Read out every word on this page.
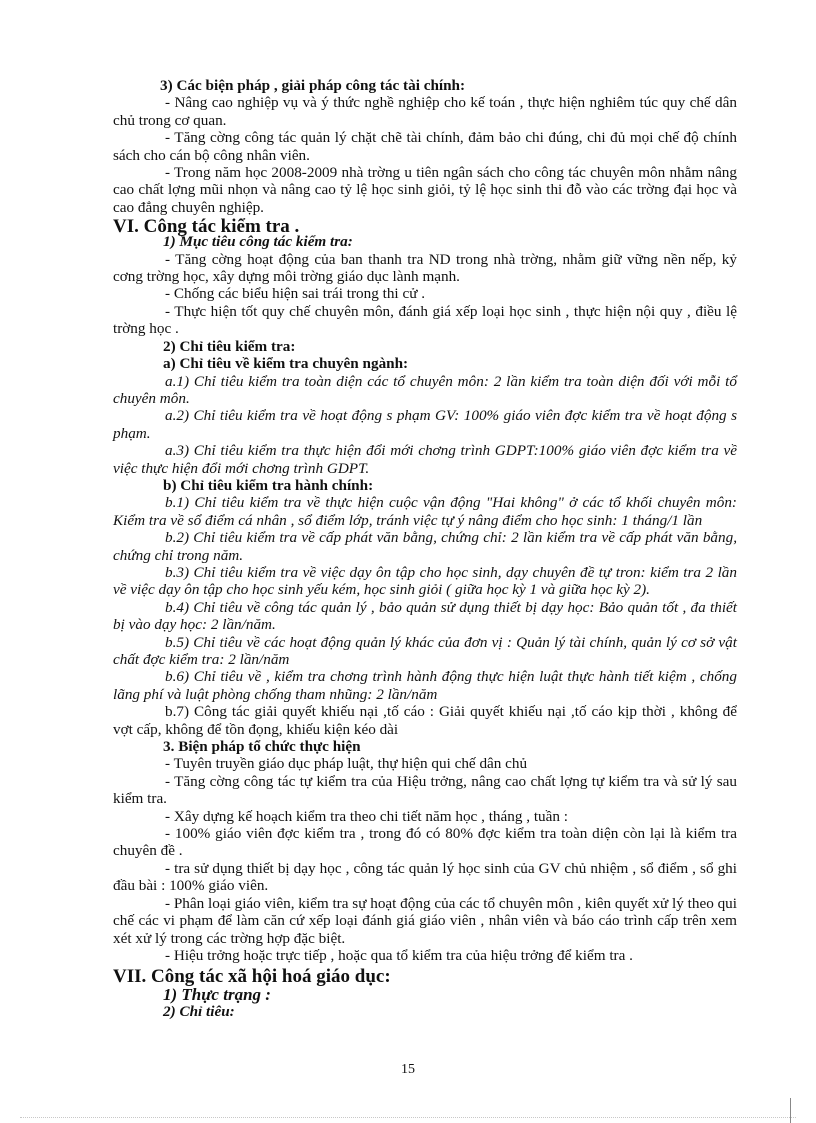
3) Các biện pháp , giải pháp công tác tài chính:

- Nâng cao nghiệp vụ và ý thức nghề nghiệp cho kế toán , thực hiện nghiêm túc quy chế dân chủ trong cơ quan.

- Tăng cờng công tác quản lý chặt chẽ tài chính, đảm bảo chi đúng, chi đủ mọi chế độ chính sách cho cán bộ công nhân viên.

- Trong năm học 2008-2009 nhà trờng u tiên ngân sách cho công tác chuyên môn nhằm nâng cao chất lợng mũi nhọn và nâng cao tỷ lệ học sinh giỏi, tỷ lệ học sinh thi đỗ vào các trờng đại học và cao đẳng chuyên nghiệp.

VI. Công tác kiểm tra .

1) Mục tiêu công tác kiểm tra:

- Tăng cờng hoạt động của ban thanh tra ND trong nhà trờng, nhằm giữ vững nền nếp, kỷ cơng trờng học, xây dựng môi trờng giáo dục lành mạnh.

- Chống các biểu hiện sai trái trong thi cử .

- Thực hiện tốt quy chế chuyên môn, đánh giá xếp loại học sinh , thực hiện nội quy , điều lệ trờng học .

2) Chỉ tiêu kiểm tra:

a) Chỉ tiêu về kiểm tra chuyên ngành:

a.1) Chỉ tiêu kiểm tra toàn diện các tổ chuyên môn: 2 lần kiểm tra toàn diện đối với mỗi tổ chuyên môn.

a.2) Chỉ tiêu kiểm tra về hoạt động s phạm GV: 100% giáo viên đợc kiểm tra về hoạt động s phạm.

a.3) Chỉ tiêu kiểm tra thực hiện đổi mới chơng trình GDPT:100% giáo viên đợc kiểm tra về việc thực hiện đổi mới chơng trình GDPT.

b) Chỉ tiêu kiểm tra hành chính:

b.1) Chỉ tiêu kiểm tra về thực hiện cuộc vận động "Hai không" ở các tổ khối chuyên môn: Kiểm tra về sổ điểm cá nhân , sổ điểm lớp, tránh việc tự ý nâng điểm cho học sinh: 1 tháng/1 lần

b.2) Chỉ tiêu kiểm tra về cấp phát văn bằng, chứng chỉ: 2 lần kiểm tra về cấp phát văn bằng, chứng chỉ trong năm.

b.3) Chỉ tiêu kiểm tra về việc dạy ôn tập cho học sinh, dạy chuyên đề tự tron: kiểm tra 2 lần về việc dạy ôn tập cho học sinh yếu kém, học sinh giỏi ( giữa học kỳ 1 và giữa học kỳ 2).

b.4) Chỉ tiêu về công tác quản lý , bảo quản sử dụng thiết bị dạy học: Bảo quản tốt , đa thiết bị vào dạy học: 2 lần/năm.

b.5) Chỉ tiêu về các hoạt động quản lý khác của đơn vị : Quản lý tài chính, quản lý cơ sở vật chất đợc kiểm tra: 2 lần/năm

b.6) Chỉ tiêu về , kiểm tra chơng trình hành động thực hiện luật thực hành tiết kiệm , chống lãng phí và luật phòng chống tham nhũng: 2 lần/năm

b.7) Công tác giải quyết khiếu nại ,tố cáo : Giải quyết khiếu nại ,tố cáo kịp thời , không để vợt cấp, không để tồn đọng, khiếu kiện kéo dài

3. Biện pháp tổ chức thực hiện

- Tuyên truyền giáo dục pháp luật, thự hiện qui chế dân chủ

- Tăng cờng công tác tự kiểm tra của Hiệu trởng, nâng cao chất lợng tự kiểm tra và sử lý sau kiểm tra.

- Xây dựng kế hoạch kiểm tra theo chi tiết năm học , tháng , tuần :

- 100% giáo viên đợc kiểm tra , trong đó có 80% đợc kiểm tra toàn diện còn lại là kiểm tra chuyên đề .

- tra sử dụng thiết bị dạy học , công tác quản lý học sinh của GV chủ nhiệm , sổ điểm , sổ ghi đầu bài : 100% giáo viên.

- Phân loại giáo viên, kiểm tra sự hoạt động của các tổ chuyên môn , kiên quyết xử lý theo qui chế các vi phạm để làm căn cứ xếp loại đánh giá giáo viên , nhân viên và báo cáo trình cấp trên xem xét xử lý trong các trờng hợp đặc biệt.

- Hiệu trởng hoặc trực tiếp , hoặc qua tổ kiểm tra của hiệu trởng để kiểm tra .

VII. Công tác xã hội hoá giáo dục:

1) Thực trạng :

2) Chỉ tiêu:

15
